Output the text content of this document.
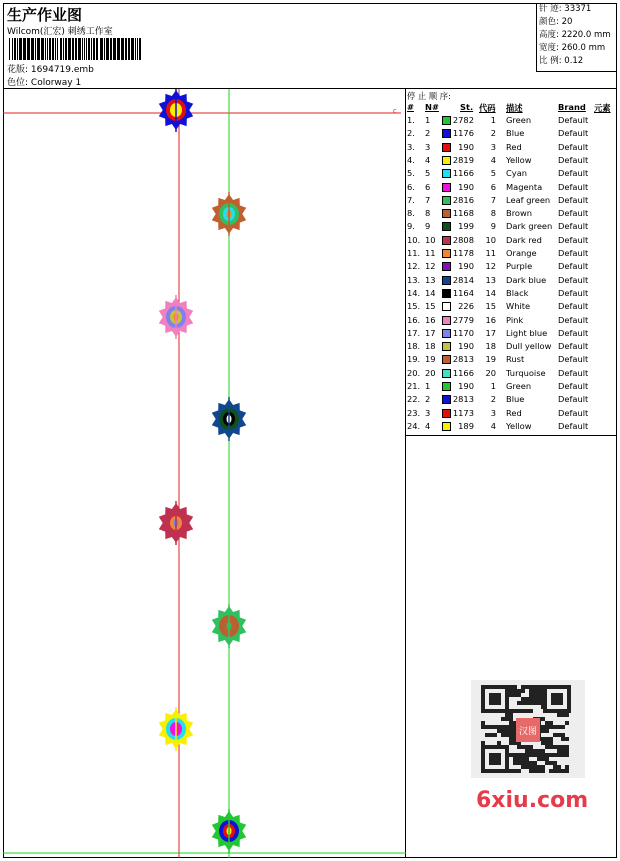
生产作业图
Wilcom(汇宏) 刺绣工作室
花版: 1694719.emb
色位: Colorway 1
针 迹: 33371
颜色: 20
高度: 2220.0 mm
宽度: 260.0 mm
比 例: 0.12
c
停 止 顺 序:
# N#	St. 代码 描述	Brand 元素
1. 1	2782	1 Green	Default
2. 2	1176	2 Blue	Default
3. 3	190	3 Red	Default
4. 4	2819	4 Yellow	Default
5. 5	1166	5 Cyan	Default
6. 6	190	6 Magenta Default
7. 7	2816	7 Leaf green Default
8. 8	1168	8 Brown	Default
9. 9	199	9 Dark green Default
10. 10 2808	10 Dark red Default
11. 11 1178	11 Orange	Default
12. 12	190	12 Purple	Default
13. 13 2814	13 Dark blue Default
14. 14 1164	14 Black	Default
15. 15	226	15 White	Default
16. 16 2779	16 Pink	Default
17. 17 1170	17 Light blue Default
18. 18	190	18 Dull yellow Default
19. 19 2813	19 Rust	Default
20. 20 1166	20 Turquoise Default
21. 1	190	1 Green	Default
22. 2	2813	2 Blue	Default
23. 3	1173	3 Red	Default
24. 4	189	4 Yellow	Default
汉图
6xiu.com
